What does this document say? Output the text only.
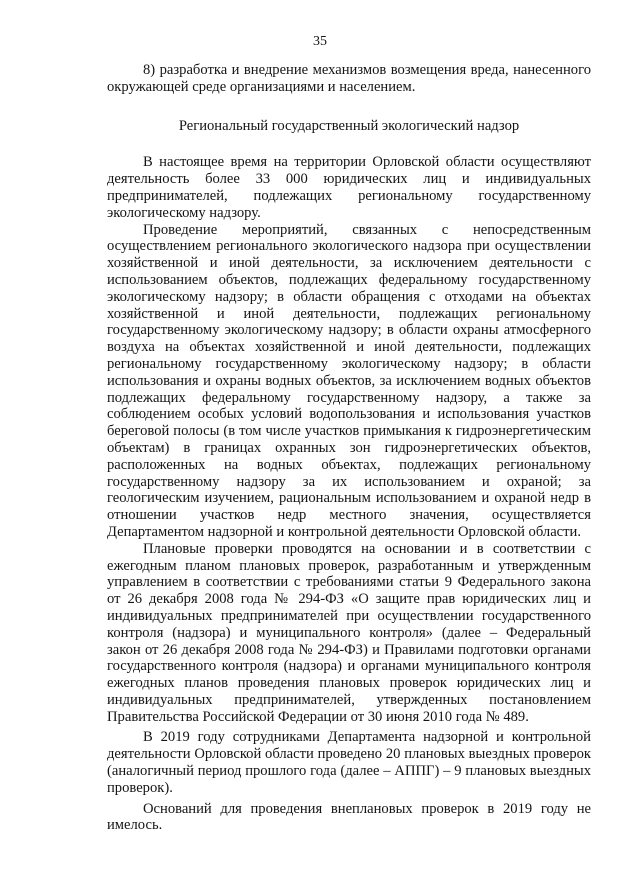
35

8) разработка и внедрение механизмов возмещения вреда, нанесенного окружающей среде организациями и населением.

Региональный государственный экологический надзор

В настоящее время на территории Орловской области осуществляют деятельность более 33 000 юридических лиц и индивидуальных предпринимателей, подлежащих региональному государственному экологическому надзору.

Проведение мероприятий, связанных с непосредственным осуществлением регионального экологического надзора при осуществлении хозяйственной и иной деятельности, за исключением деятельности с использованием объектов, подлежащих федеральному государственному экологическому надзору; в области обращения с отходами на объектах хозяйственной и иной деятельности, подлежащих региональному государственному экологическому надзору; в области охраны атмосферного воздуха на объектах хозяйственной и иной деятельности, подлежащих региональному государственному экологическому надзору; в области использования и охраны водных объектов, за исключением водных объектов подлежащих федеральному государственному надзору, а также за соблюдением особых условий водопользования и использования участков береговой полосы (в том числе участков примыкания к гидроэнергетическим объектам) в границах охранных зон гидроэнергетических объектов, расположенных на водных объектах, подлежащих региональному государственному надзору за их использованием и охраной; за геологическим изучением, рациональным использованием и охраной недр в отношении участков недр местного значения, осуществляется Департаментом надзорной и контрольной деятельности Орловской области.

Плановые проверки проводятся на основании и в соответствии с ежегодным планом плановых проверок, разработанным и утвержденным управлением в соответствии с требованиями статьи 9 Федерального закона от 26 декабря 2008 года № 294-ФЗ «О защите прав юридических лиц и индивидуальных предпринимателей при осуществлении государственного контроля (надзора) и муниципального контроля» (далее – Федеральный закон от 26 декабря 2008 года № 294-ФЗ) и Правилами подготовки органами государственного контроля (надзора) и органами муниципального контроля ежегодных планов проведения плановых проверок юридических лиц и индивидуальных предпринимателей, утвержденных постановлением Правительства Российской Федерации от 30 июня 2010 года № 489.

В 2019 году сотрудниками Департамента надзорной и контрольной деятельности Орловской области проведено 20 плановых выездных проверок (аналогичный период прошлого года (далее – АППГ) – 9 плановых выездных проверок).

Оснований для проведения внеплановых проверок в 2019 году не имелось.
